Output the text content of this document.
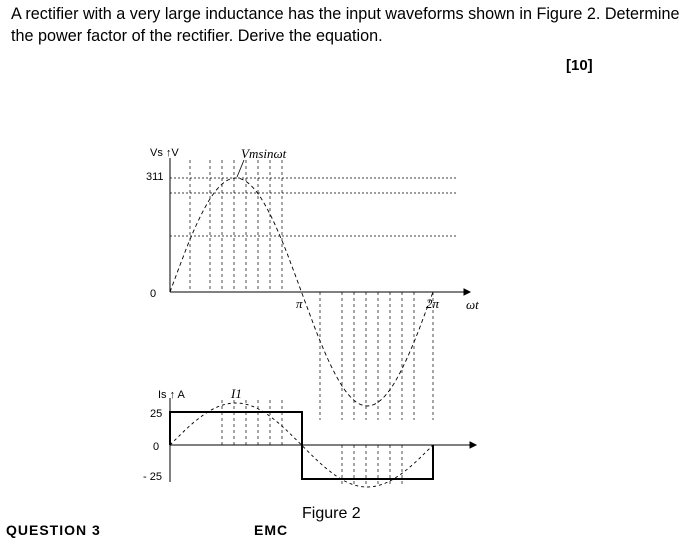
A rectifier with a very large inductance has the input waveforms shown in Figure 2. Determine the power factor of the rectifier. Derive the equation.

[10]
Vs ↑V	Vmsinωt
311
0
π	2π ωt
Is ↑ A	I1
25
0
- 25
Figure 2
QUESTION 3	EMC
